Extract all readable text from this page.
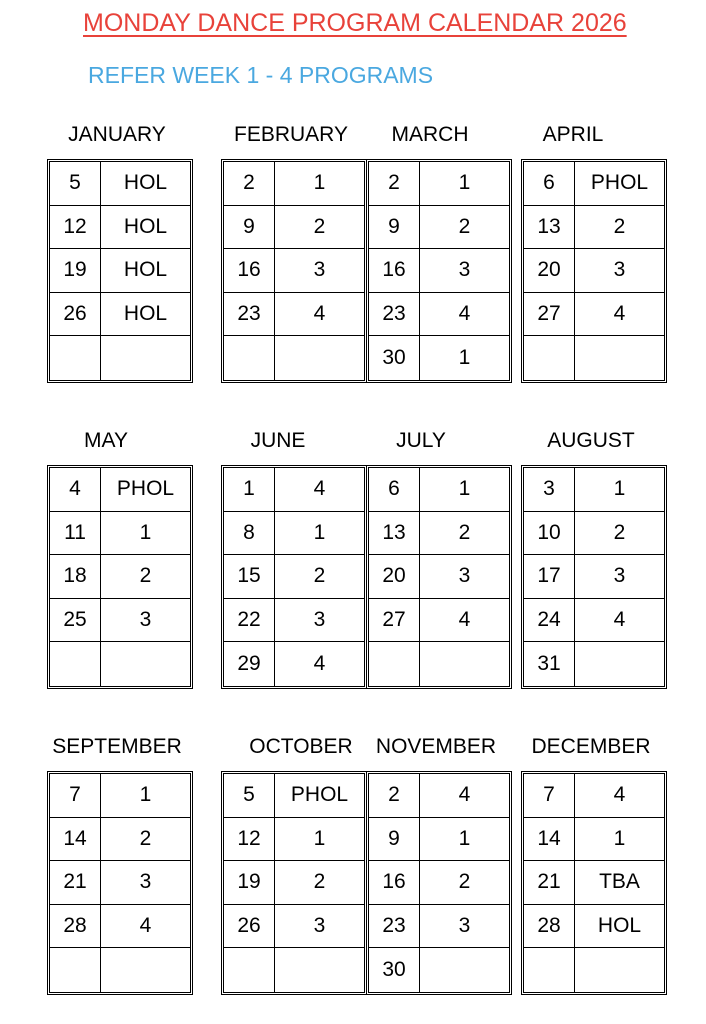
MONDAY DANCE PROGRAM CALENDAR 2026
REFER WEEK 1 - 4 PROGRAMS
JANUARY
5	HOL
12	HOL
19	HOL
26	HOL
FEBRUARY
2	1
9	2
16	3
23	4
MARCH
2	1
9	2
16	3
23	4
30	1
APRIL
6	PHOL
13	2
20	3
27	4
MAY
4	PHOL
11	1
18	2
25	3
JUNE
1	4
8	1
15	2
22	3
29	4
JULY
6	1
13	2
20	3
27	4
AUGUST
3	1
10	2
17	3
24	4
31
SEPTEMBER
7	1
14	2
21	3
28	4
OCTOBER
5	PHOL
12	1
19	2
26	3
NOVEMBER
2	4
9	1
16	2
23	3
30
DECEMBER
7	4
14	1
21	TBA
28	HOL
